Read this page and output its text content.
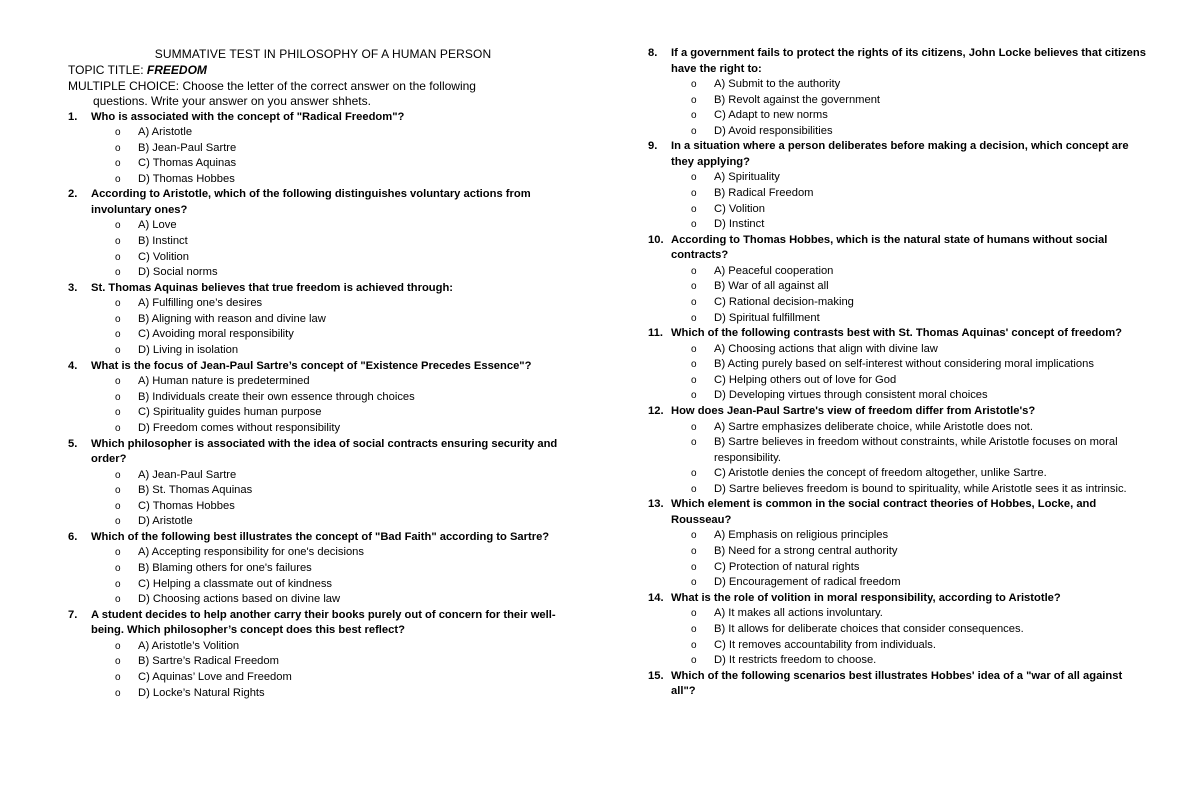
SUMMATIVE TEST IN PHILOSOPHY OF A HUMAN PERSON
TOPIC TITLE: FREEDOM
MULTIPLE CHOICE: Choose the letter of the correct answer on the following
questions. Write your answer on you answer shhets.
1.	Who is associated with the concept of "Radical Freedom"?
o	A) Aristotle
o	B) Jean-Paul Sartre
o	C) Thomas Aquinas
o	D) Thomas Hobbes
2.	According to Aristotle, which of the following distinguishes voluntary actions from involuntary ones?
o	A) Love
o	B) Instinct
o	C) Volition
o	D) Social norms
3.	St. Thomas Aquinas believes that true freedom is achieved through:
o	A) Fulfilling one’s desires
o	B) Aligning with reason and divine law
o	C) Avoiding moral responsibility
o	D) Living in isolation
4.	What is the focus of Jean-Paul Sartre’s concept of "Existence Precedes Essence"?
o	A) Human nature is predetermined
o	B) Individuals create their own essence through choices
o	C) Spirituality guides human purpose
o	D) Freedom comes without responsibility
5.	Which philosopher is associated with the idea of social contracts ensuring security and order?
o	A) Jean-Paul Sartre
o	B) St. Thomas Aquinas
o	C) Thomas Hobbes
o	D) Aristotle
6.	Which of the following best illustrates the concept of "Bad Faith" according to Sartre?
o	A) Accepting responsibility for one's decisions
o	B) Blaming others for one's failures
o	C) Helping a classmate out of kindness
o	D) Choosing actions based on divine law
7.	A student decides to help another carry their books purely out of concern for their well-being. Which philosopher’s concept does this best reflect?
o	A) Aristotle’s Volition
o	B) Sartre’s Radical Freedom
o	C) Aquinas’ Love and Freedom
o	D) Locke’s Natural Rights
8.	If a government fails to protect the rights of its citizens, John Locke believes that citizens have the right to:
o	A) Submit to the authority
o	B) Revolt against the government
o	C) Adapt to new norms
o	D) Avoid responsibilities
9.	In a situation where a person deliberates before making a decision, which concept are they applying?
o	A) Spirituality
o	B) Radical Freedom
o	C) Volition
o	D) Instinct
10. According to Thomas Hobbes, which is the natural state of humans without social contracts?
o	A) Peaceful cooperation
o	B) War of all against all
o	C) Rational decision-making
o	D) Spiritual fulfillment
11. Which of the following contrasts best with St. Thomas Aquinas' concept of freedom?
o	A) Choosing actions that align with divine law
o	B) Acting purely based on self-interest without considering moral implications
o	C) Helping others out of love for God
o	D) Developing virtues through consistent moral choices
12. How does Jean-Paul Sartre's view of freedom differ from Aristotle's?
o	A) Sartre emphasizes deliberate choice, while Aristotle does not.
o	B) Sartre believes in freedom without constraints, while Aristotle focuses on moral responsibility.
o	C) Aristotle denies the concept of freedom altogether, unlike Sartre.
o	D) Sartre believes freedom is bound to spirituality, while Aristotle sees it as intrinsic.
13. Which element is common in the social contract theories of Hobbes, Locke, and Rousseau?
o	A) Emphasis on religious principles
o	B) Need for a strong central authority
o	C) Protection of natural rights
o	D) Encouragement of radical freedom
14. What is the role of volition in moral responsibility, according to Aristotle?
o	A) It makes all actions involuntary.
o	B) It allows for deliberate choices that consider consequences.
o	C) It removes accountability from individuals.
o	D) It restricts freedom to choose.
15. Which of the following scenarios best illustrates Hobbes' idea of a "war of all against all"?
